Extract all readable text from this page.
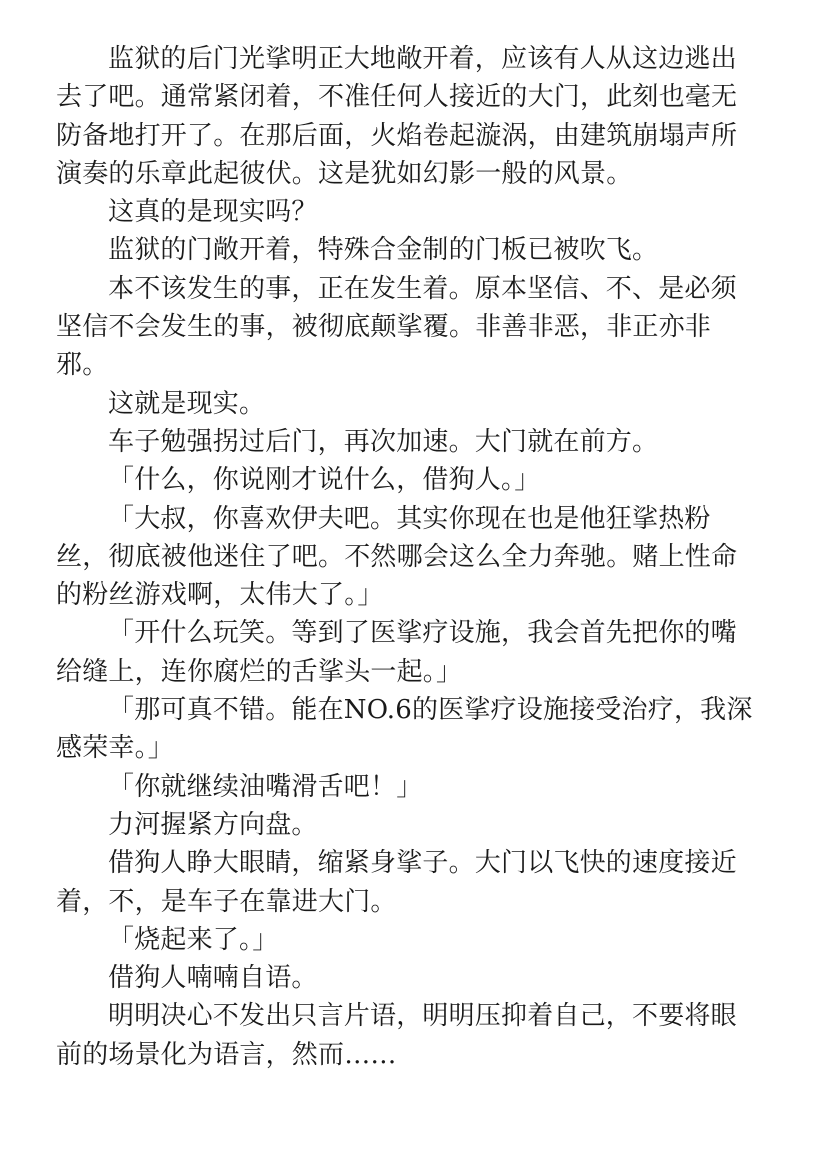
监狱的后门光挲明正大地敞开着，应该有人从这边逃出去了吧。通常紧闭着，不准任何人接近的大门，此刻也毫无防备地打开了。在那后面，火焰卷起漩涡，由建筑崩塌声所演奏的乐章此起彼伏。这是犹如幻影一般的风景。

这真的是现实吗？

监狱的门敞开着，特殊合金制的门板已被吹飞。

本不该发生的事，正在发生着。原本坚信、不、是必须坚信不会发生的事，被彻底颠挲覆。非善非恶，非正亦非邪。

这就是现实。

车子勉强拐过后门，再次加速。大门就在前方。

「什么，你说刚才说什么，借狗人。」

「大叔，你喜欢伊夫吧。其实你现在也是他狂挲热粉丝，彻底被他迷住了吧。不然哪会这么全力奔驰。赌上性命的粉丝游戏啊，太伟大了。」

「开什么玩笑。等到了医挲疗设施，我会首先把你的嘴给缝上，连你腐烂的舌挲头一起。」

「那可真不错。能在NO.6的医挲疗设施接受治疗，我深感荣幸。」

「你就继续油嘴滑舌吧！」

力河握紧方向盘。

借狗人睁大眼睛，缩紧身挲子。大门以飞快的速度接近着，不，是车子在靠进大门。

「烧起来了。」

借狗人喃喃自语。

明明决心不发出只言片语，明明压抑着自己，不要将眼前的场景化为语言，然而……
